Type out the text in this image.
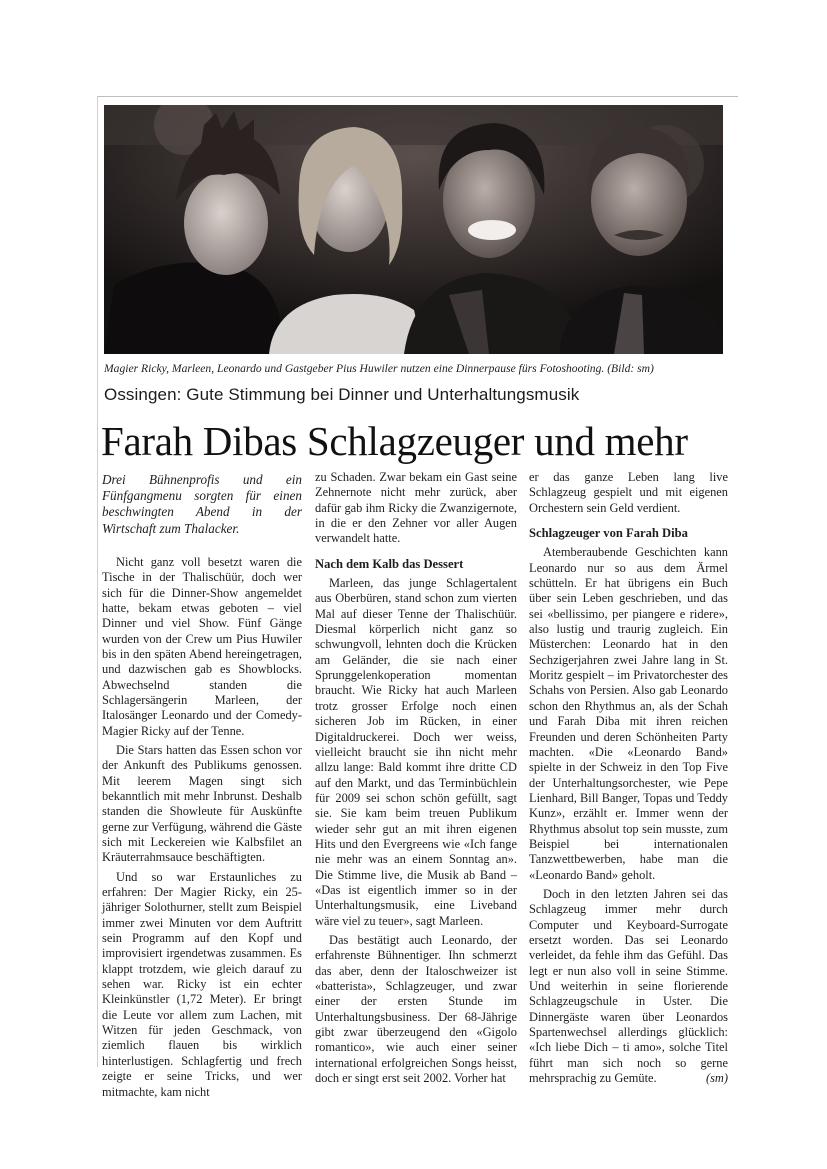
Magier Ricky, Marleen, Leonardo und Gastgeber Pius Huwiler nutzen eine Dinnerpause fürs Fotoshooting. (Bild: sm)
Ossingen: Gute Stimmung bei Dinner und Unterhaltungsmusik
Farah Dibas Schlagzeuger und mehr
Drei Bühnenprofis und ein Fünfgangmenu sorgten für einen beschwingten Abend in der Wirtschaft zum Thalacker.

Nicht ganz voll besetzt waren die Tische in der Thalischüür, doch wer sich für die Dinner-Show angemeldet hatte, bekam etwas geboten – viel Dinner und viel Show. Fünf Gänge wurden von der Crew um Pius Huwiler bis in den späten Abend hereingetragen, und dazwischen gab es Showblocks. Abwechselnd standen die Schlagersängerin Marleen, der Italosänger Leonardo und der Comedy-Magier Ricky auf der Tenne.

Die Stars hatten das Essen schon vor der Ankunft des Publikums genossen. Mit leerem Magen singt sich bekanntlich mit mehr Inbrunst. Deshalb standen die Showleute für Auskünfte gerne zur Verfügung, während die Gäste sich mit Leckereien wie Kalbsfilet an Kräuterrahmsauce beschäftigten.

Und so war Erstaunliches zu erfahren: Der Magier Ricky, ein 25-jähriger Solothurner, stellt zum Beispiel immer zwei Minuten vor dem Auftritt sein Programm auf den Kopf und improvisiert irgendetwas zusammen. Es klappt trotzdem, wie gleich darauf zu sehen war. Ricky ist ein echter Kleinkünstler (1,72 Meter). Er bringt die Leute vor allem zum Lachen, mit Witzen für jeden Geschmack, von ziemlich flauen bis wirklich hinterlustigen. Schlagfertig und frech zeigte er seine Tricks, und wer mitmachte, kam nicht

zu Schaden. Zwar bekam ein Gast seine Zehnernote nicht mehr zurück, aber dafür gab ihm Ricky die Zwanzigernote, in die er den Zehner vor aller Augen verwandelt hatte.

Nach dem Kalb das Dessert

Marleen, das junge Schlagertalent aus Oberbüren, stand schon zum vierten Mal auf dieser Tenne der Thalischüür. Diesmal körperlich nicht ganz so schwungvoll, lehnten doch die Krücken am Geländer, die sie nach einer Sprunggelenkoperation momentan braucht. Wie Ricky hat auch Marleen trotz grosser Erfolge noch einen sicheren Job im Rücken, in einer Digitaldruckerei. Doch wer weiss, vielleicht braucht sie ihn nicht mehr allzu lange: Bald kommt ihre dritte CD auf den Markt, und das Terminbüchlein für 2009 sei schon schön gefüllt, sagt sie. Sie kam beim treuen Publikum wieder sehr gut an mit ihren eigenen Hits und den Evergreens wie «Ich fange nie mehr was an einem Sonntag an». Die Stimme live, die Musik ab Band – «Das ist eigentlich immer so in der Unterhaltungsmusik, eine Liveband wäre viel zu teuer», sagt Marleen.

Das bestätigt auch Leonardo, der erfahrenste Bühnentiger. Ihn schmerzt das aber, denn der Italoschweizer ist «batterista», Schlagzeuger, und zwar einer der ersten Stunde im Unterhaltungsbusiness. Der 68-Jährige gibt zwar überzeugend den «Gigolo romantico», wie auch einer seiner international erfolgreichen Songs heisst, doch er singt erst seit 2002. Vorher hat

er das ganze Leben lang live Schlagzeug gespielt und mit eigenen Orchestern sein Geld verdient.

Schlagzeuger von Farah Diba

Atemberaubende Geschichten kann Leonardo nur so aus dem Ärmel schütteln. Er hat übrigens ein Buch über sein Leben geschrieben, und das sei «bellissimo, per piangere e ridere», also lustig und traurig zugleich. Ein Müsterchen: Leonardo hat in den Sechzigerjahren zwei Jahre lang in St. Moritz gespielt – im Privatorchester des Schahs von Persien. Also gab Leonardo schon den Rhythmus an, als der Schah und Farah Diba mit ihren reichen Freunden und deren Schönheiten Party machten. «Die «Leonardo Band» spielte in der Schweiz in den Top Five der Unterhaltungsorchester, wie Pepe Lienhard, Bill Banger, Topas und Teddy Kunz», erzählt er. Immer wenn der Rhythmus absolut top sein musste, zum Beispiel bei internationalen Tanzwettbewerben, habe man die «Leonardo Band» geholt.

Doch in den letzten Jahren sei das Schlagzeug immer mehr durch Computer und Keyboard-Surrogate ersetzt worden. Das sei Leonardo verleidet, da fehle ihm das Gefühl. Das legt er nun also voll in seine Stimme. Und weiterhin in seine florierende Schlagzeugschule in Uster. Die Dinnergäste waren über Leonardos Spartenwechsel allerdings glücklich: «Ich liebe Dich – ti amo», solche Titel führt man sich noch so gerne mehrsprachig zu Gemüte.	(sm)
